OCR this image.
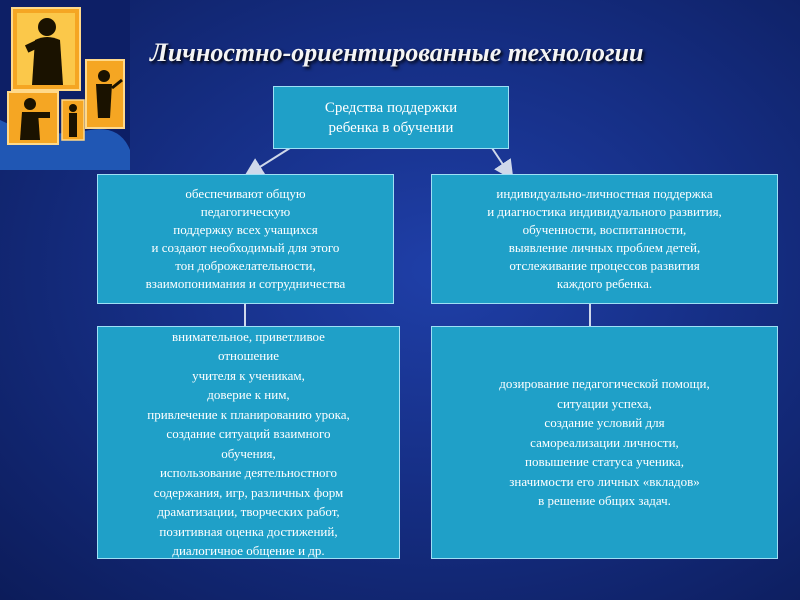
Личностно-ориентированные технологии
Средства поддержки
ребенка в обучении
обеспечивают общую
педагогическую
поддержку всех учащихся
и создают необходимый для этого
тон доброжелательности,
взаимопонимания и сотрудничества
индивидуально-личностная поддержка
и диагностика индивидуального развития,
обученности, воспитанности,
выявление личных проблем детей,
отслеживание процессов развития
каждого ребенка.
внимательное, приветливое
отношение
учителя к ученикам,
доверие к ним,
привлечение к планированию урока,
создание ситуаций взаимного
обучения,
использование деятельностного
содержания, игр, различных форм
драматизации, творческих работ,
позитивная оценка достижений,
диалогичное общение и др.
дозирование педагогической помощи,
ситуации успеха,
создание условий для
самореализации личности,
повышение статуса ученика,
значимости его личных «вкладов»
в решение общих задач.
